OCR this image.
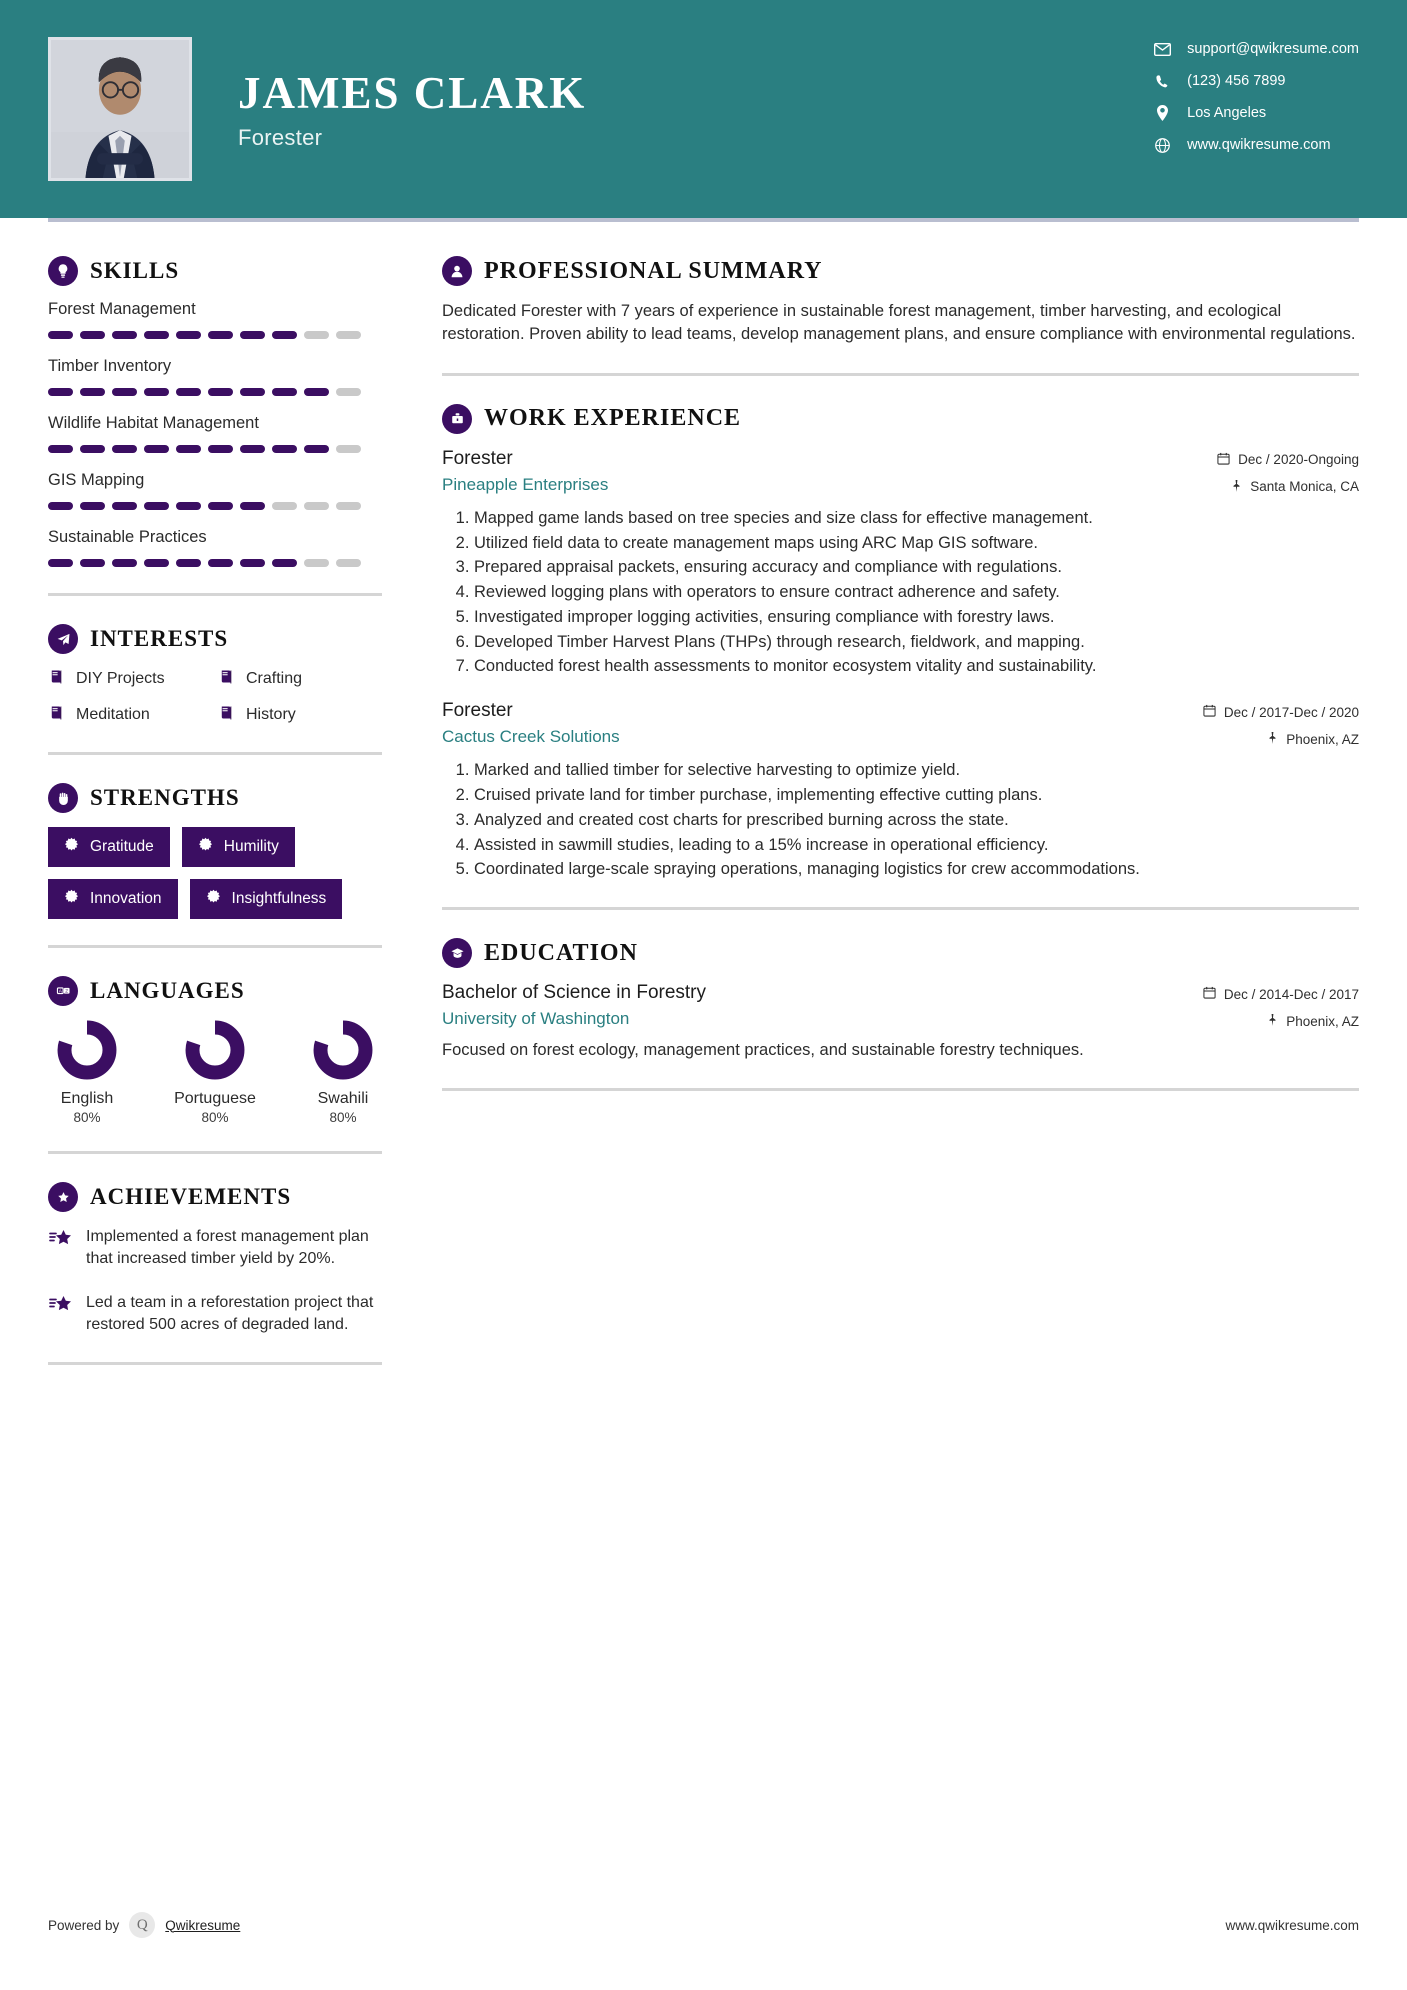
JAMES CLARK
Forester
support@qwikresume.com
(123) 456 7899
Los Angeles
www.qwikresume.com
SKILLS
Forest Management
Timber Inventory
Wildlife Habitat Management
GIS Mapping
Sustainable Practices
INTERESTS
DIY Projects	Crafting
Meditation	History
STRENGTHS
Gratitude	Humility
Innovation	Insightfulness
A Z LANGUAGES
English
80%
Portuguese
80%
Swahili
80%
ACHIEVEMENTS
Implemented a forest management plan that increased timber yield by 20%.
Led a team in a reforestation project that restored 500 acres of degraded land.
PROFESSIONAL SUMMARY
Dedicated Forester with 7 years of experience in sustainable forest management, timber harvesting, and ecological restoration. Proven ability to lead teams, develop management plans, and ensure compliance with environmental regulations.
WORK EXPERIENCE
Forester
Pineapple Enterprises
Dec / 2020-Ongoing
Santa Monica, CA
1. Mapped game lands based on tree species and size class for effective management.
2. Utilized field data to create management maps using ARC Map GIS software.
3. Prepared appraisal packets, ensuring accuracy and compliance with regulations.
4. Reviewed logging plans with operators to ensure contract adherence and safety.
5. Investigated improper logging activities, ensuring compliance with forestry laws.
6. Developed Timber Harvest Plans (THPs) through research, fieldwork, and mapping.
7. Conducted forest health assessments to monitor ecosystem vitality and sustainability.
Forester
Cactus Creek Solutions
Dec / 2017-Dec / 2020
Phoenix, AZ
1. Marked and tallied timber for selective harvesting to optimize yield.
2. Cruised private land for timber purchase, implementing effective cutting plans.
3. Analyzed and created cost charts for prescribed burning across the state.
4. Assisted in sawmill studies, leading to a 15% increase in operational efficiency.
5. Coordinated large-scale spraying operations, managing logistics for crew accommodations.
EDUCATION
Bachelor of Science in Forestry
University of Washington
Dec / 2014-Dec / 2017
Phoenix, AZ
Focused on forest ecology, management practices, and sustainable forestry techniques.
Powered by	Q	Qwikresume	www.qwikresume.com
